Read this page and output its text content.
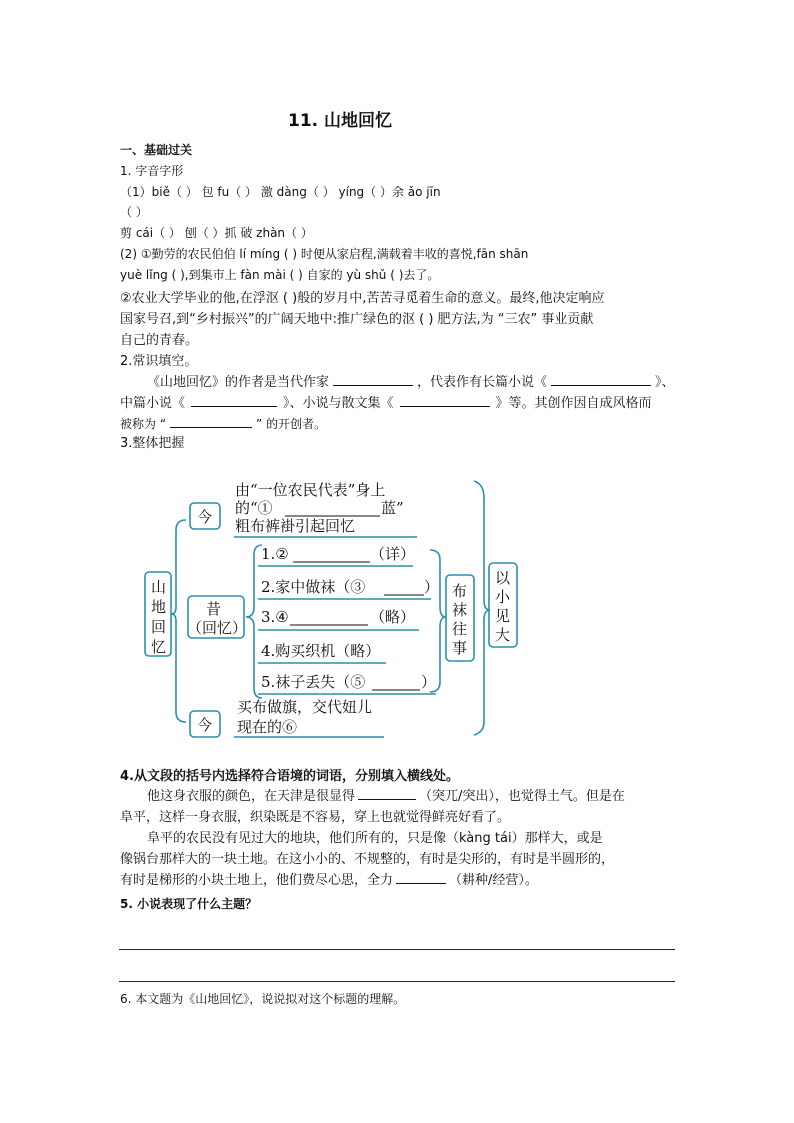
11. 山地回忆
一、基础过关
1. 字音字形
（1）biě（ ） 包 fu（ ） 激 dàng（ ） yíng（ ）余 ǎo jīn
（ ）
剪 cái（ ） 刨（ ）抓 破 zhàn（ ）
(2) ①勤劳的农民伯伯 lí míng ( ) 时便从家启程,满载着丰收的喜悦,fān shān
yuè lǐng ( ),到集市上 fàn mài ( ) 自家的 yù shǔ ( )去了。
②农业大学毕业的他,在浮沤 ( )般的岁月中,苦苦寻觅着生命的意义。最终,他决定响应
国家号召,到“乡村振兴”的广阔天地中:推广绿色的沤 ( ) 肥方法,为 “三农” 事业贡献
自己的青春。
2.常识填空。
《山地回忆》的作者是当代作家	，代表作有长篇小说《	》、
中篇小说《	》、小说与散文集《	》等。其创作因自成风格而
被称为 “	” 的开创者。
3.整体把握
山
地
回
忆
今
由“一位农民代表”身上
的“①	蓝”
粗布裤褂引起回忆
昔
（回忆）
1.②	（详）
2.家中做袜（③	）
3.④	（略）
4.购买织机（略）
5.袜子丢失（⑤	）
布
袜
往
事
以
小
见
大
今
买布做旗，交代妞儿
现在的⑥
4.从文段的括号内选择符合语境的词语，分别填入横线处。
他这身衣服的颜色，在天津是很显得	（突兀/突出），也觉得土气。但是在
阜平，这样一身衣服，织染既是不容易，穿上也就觉得鲜亮好看了。
阜平的农民没有见过大的地块，他们所有的，只是像（kàng tái）那样大，或是
像锅台那样大的一块土地。在这小小的、不规整的，有时是尖形的，有时是半圆形的，
有时是梯形的小块土地上，他们费尽心思，全力	（耕种/经营）。
5. 小说表现了什么主题？
6. 本文题为《山地回忆》，说说拟对这个标题的理解。
